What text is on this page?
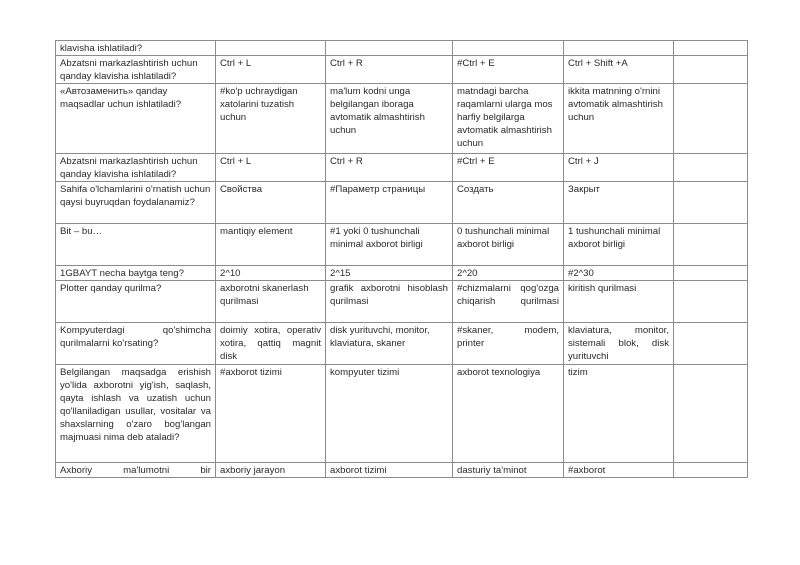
klavisha ishlatiladi?					
Abzatsni markazlashtirish uchun qanday klavisha ishlatiladi?	Ctrl + L	Ctrl + R	#Ctrl + E	Ctrl + Shift +A	
«Автозаменить» qanday maqsadlar uchun ishlatiladi?	#ko'p uchraydigan xatolarini tuzatish uchun	ma'lum kodni unga belgilangan iboraga avtomatik almashtirish uchun	matndagi barcha raqamlarni ularga mos harfiy belgilarga avtomatik almashtirish uchun	ikkita matnning o'rnini avtomatik almashtirish uchun	
Abzatsni markazlashtirish uchun qanday klavisha ishlatiladi?	Ctrl + L	Ctrl + R	#Ctrl + E	Ctrl + J	
Sahifa o'lchamlarini o'rnatish uchun qaysi buyruqdan foydalanamiz?	Свойства	#Параметр страницы	Создать	Закрыт	
Bit – bu…	mantiqiy element	#1 yoki 0 tushunchali minimal axborot birligi	0 tushunchali minimal axborot birligi	1 tushunchali minimal axborot birligi	
1GBAYT necha baytga teng?	2^10	2^15	2^20	#2^30	
Plotter qanday qurilma?	axborotni skanerlash qurilmasi	grafik axborotni hisoblash qurilmasi	#chizmalarni qog'ozga chiqarish qurilmasi	kiritish qurilmasi	
Kompyuterdagi qo'shimcha qurilmalarni ko'rsating?	doimiy xotira, operativ xotira, qattiq magnit disk	disk yurituvchi, monitor, klaviatura, skaner	#skaner, modem, printer	klaviatura, monitor, sistemali blok, disk yurituvchi	
Belgilangan maqsadga erishish yo'lida axborotni yig'ish, saqlash, qayta ishlash va uzatish uchun qo'llaniladigan usullar, vositalar va shaxslarning o'zaro bog'langan majmuasi nima deb ataladi?	#axborot tizimi	kompyuter tizimi	axborot texnologiya	tizim	
Axboriy ma'lumotni bir	axboriy jarayon	axborot tizimi	dasturiy ta'minot	#axborot	
